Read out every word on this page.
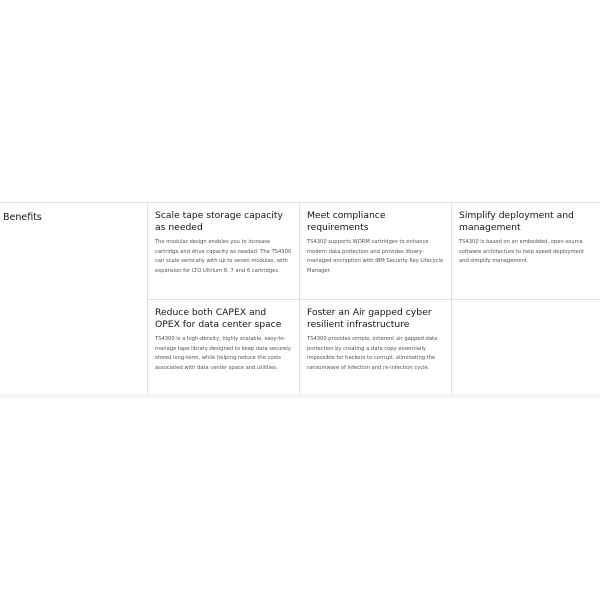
Benefits	Scale tape storage capacity as needed

The modular design enables you to increase cartridge and drive capacity as needed. The TS4300 can scale vertically with up to seven modules, with expansion for LTO Ultrium 8, 7 and 6 cartridges.

Meet compliance requirements

TS4300 supports WORM cartridges to enhance modern data protection and provides library-managed encryption with IBM Security Key Lifecycle Manager.

Simplify deployment and management

TS4300 is based on an embedded, open-source software architecture to help speed deployment and simplify management.

Reduce both CAPEX and OPEX for data center space

TS4300 is a high-density, highly scalable, easy-to-manage tape library designed to keep data securely stored long-term, while helping reduce the costs associated with data center space and utilities.

Foster an Air gapped cyber resilient infrastructure

TS4300 provides simple, inherent air gapped data protection by creating a data copy essentially impossible for hackers to corrupt, eliminating the ransomware of infection and re-infection cycle.
